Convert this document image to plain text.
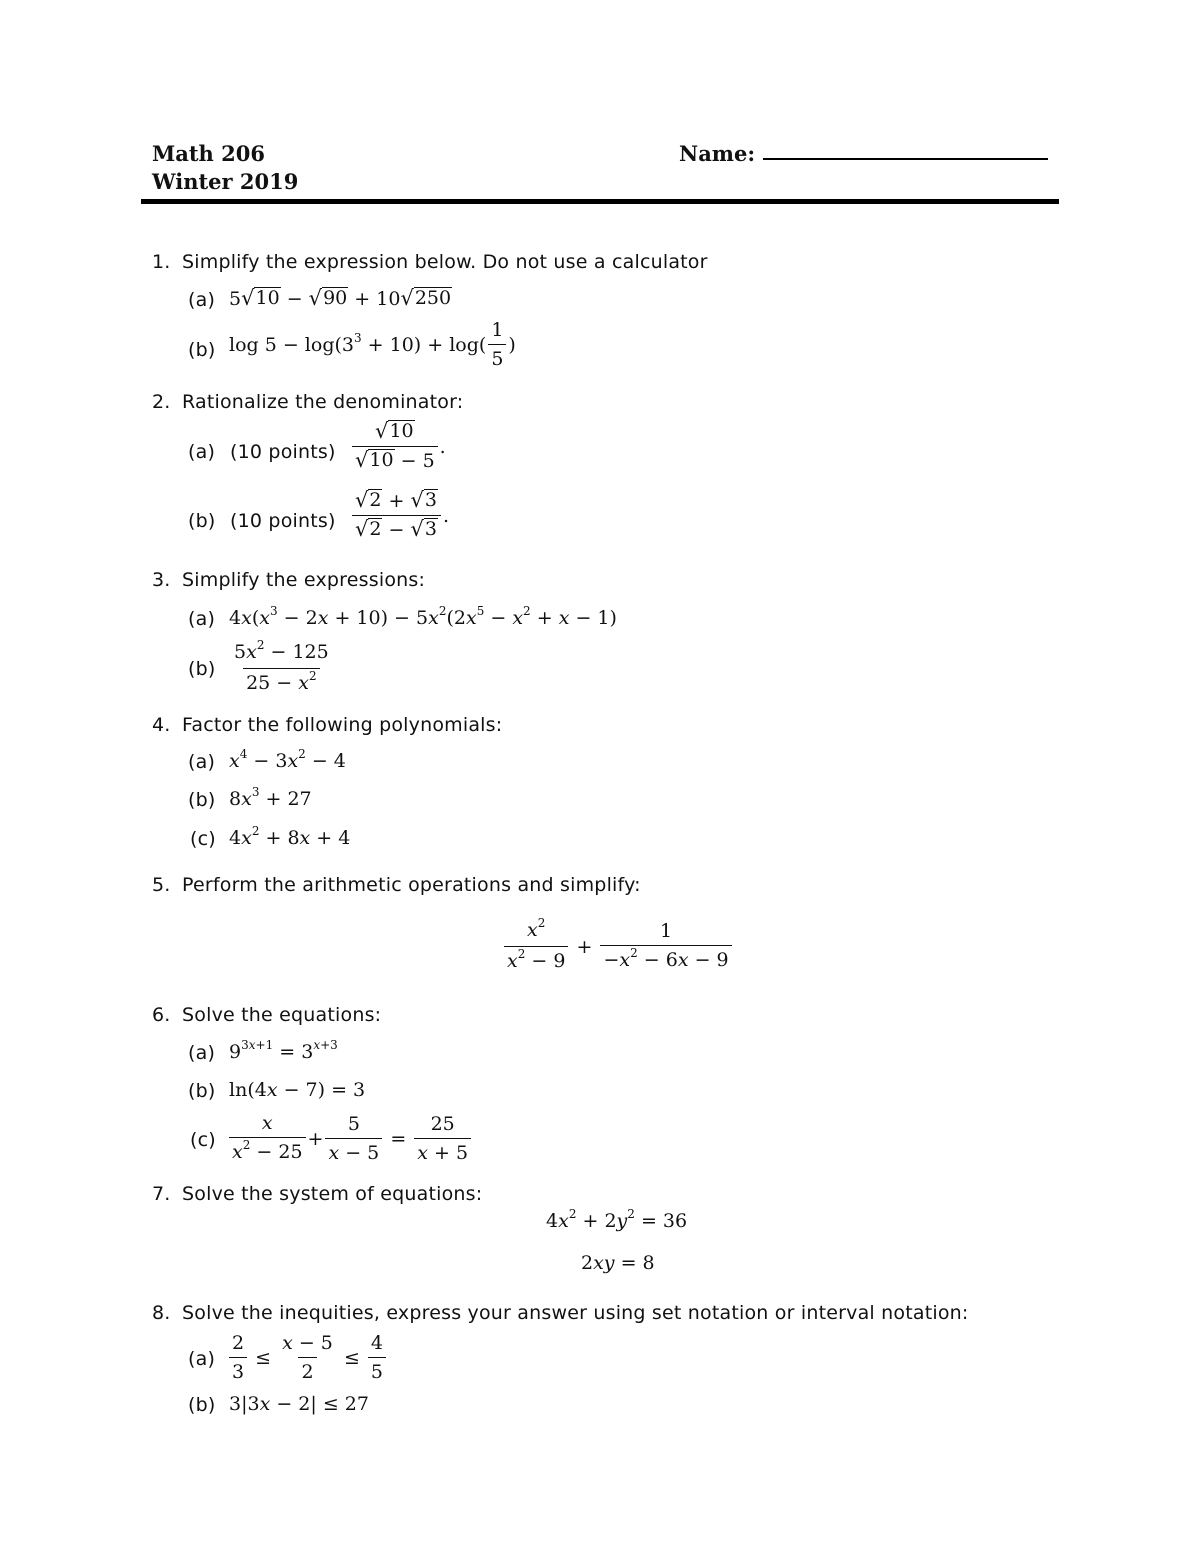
Math 206
Winter 2019
Name:
1. Simplify the expression below. Do not use a calculator
(a) 5 √ 10 − √ 90 + 10 √ 250
(b) $\log 5 - \log(3^3 + 10) + \log( \frac{1}{5}$ )
2. Rationalize the denominator:
(a) (10 points) $\frac{√ 10}{√ 10 - 5}$ .
(b) (10 points) $\frac{√ 2 + √ 3}{√ 2 - √ 3}$ .
3. Simplify the expressions:
(a) $4x(x^3 - 2x + 10) - 5x^2(2x^5 - x^2 + x - 1)$
$(b) \frac{5x^2 - 125}{25 - x^2}$
4. Factor the following polynomials:
(a) $x^4 - 3x^2 - 4$
(b) $8x^3 + 27$
(c) $4x^2 + 8x + 4$
5. Perform the arithmetic operations and simplify:
$\frac{x^2}{x^2 - 9} + \frac{1}{-x^2 - 6x - 9}$
6. Solve the equations:
(a) $9^{3x+1} = 3^{x+3}$
(b) ln(4x − 7) = 3
$(c) \frac{x}{x^2 - 25} + \frac{5}{x - 5} = \frac{25}{x + 5}$
7. Solve the system of equations:
$4x^2 + 2y^2 = 36$
2xy = 8
8. Solve the inequities, express your answer using set notation or interval notation:
$(a) \frac{2}{3} \le \frac{x - 5}{2} \le \frac{4}{5}$
(b) 3|3x − 2| ≤ 27
